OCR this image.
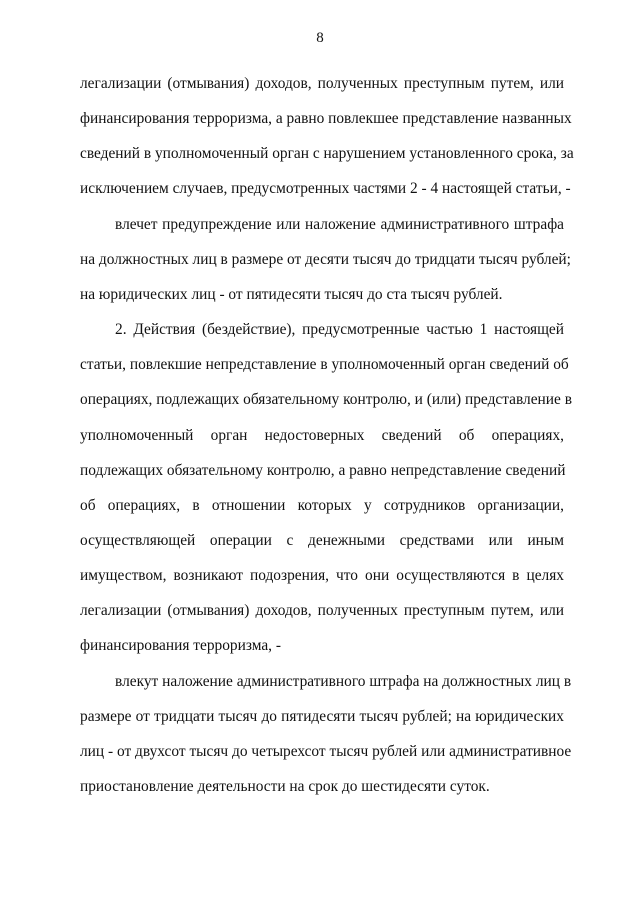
8
легализации (отмывания) доходов, полученных преступным путем, или
финансирования терроризма, а равно повлекшее представление названных
сведений в уполномоченный орган с нарушением установленного срока, за
исключением случаев, предусмотренных частями 2 - 4 настоящей статьи, -
влечет предупреждение или наложение административного штрафа
на должностных лиц в размере от десяти тысяч до тридцати тысяч рублей;
на юридических лиц - от пятидесяти тысяч до ста тысяч рублей.
2. Действия (бездействие), предусмотренные частью 1 настоящей
статьи, повлекшие непредставление в уполномоченный орган сведений об
операциях, подлежащих обязательному контролю, и (или) представление в
уполномоченный орган недостоверных сведений об операциях,
подлежащих обязательному контролю, а равно непредставление сведений
об операциях, в отношении которых у сотрудников организации,
осуществляющей операции с денежными средствами или иным
имуществом, возникают подозрения, что они осуществляются в целях
легализации (отмывания) доходов, полученных преступным путем, или
финансирования терроризма, -
влекут наложение административного штрафа на должностных лиц в
размере от тридцати тысяч до пятидесяти тысяч рублей; на юридических
лиц - от двухсот тысяч до четырехсот тысяч рублей или административное
приостановление деятельности на срок до шестидесяти суток.
